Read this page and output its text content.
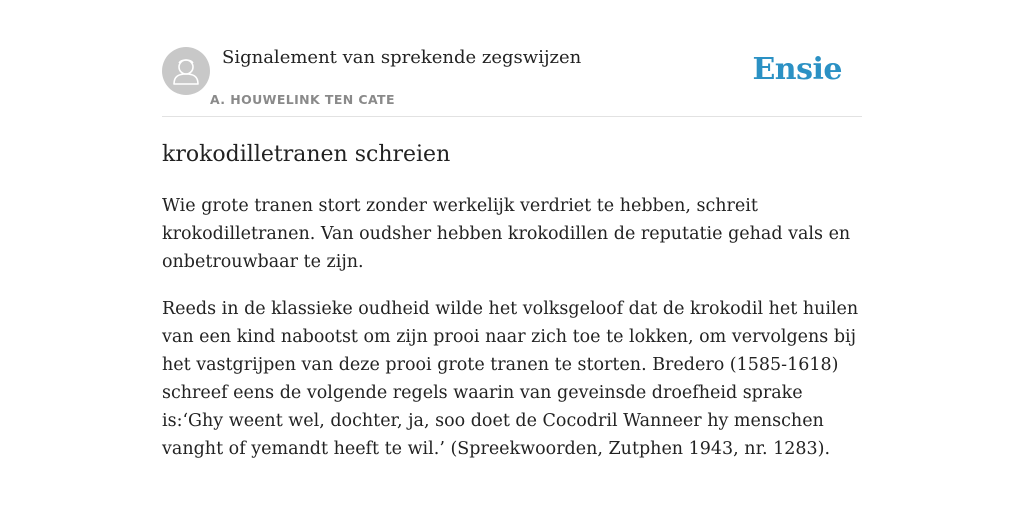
Signalement van sprekende zegswijzen
A. HOUWELINK TEN CATE
Ensie
krokodilletranen schreien

Wie grote tranen stort zonder werkelijk verdriet te hebben, schreit krokodilletranen. Van oudsher hebben krokodillen de reputatie gehad vals en onbetrouwbaar te zijn.

Reeds in de klassieke oudheid wilde het volksgeloof dat de krokodil het huilen van een kind nabootst om zijn prooi naar zich toe te lokken, om vervolgens bij het vastgrijpen van deze prooi grote tranen te storten. Bredero (1585-1618) schreef eens de volgende regels waarin van geveinsde droefheid sprake is:‘Ghy weent wel, dochter, ja, soo doet de Cocodril Wanneer hy menschen vanght of yemandt heeft te wil.’ (Spreekwoorden, Zutphen 1943, nr. 1283).
